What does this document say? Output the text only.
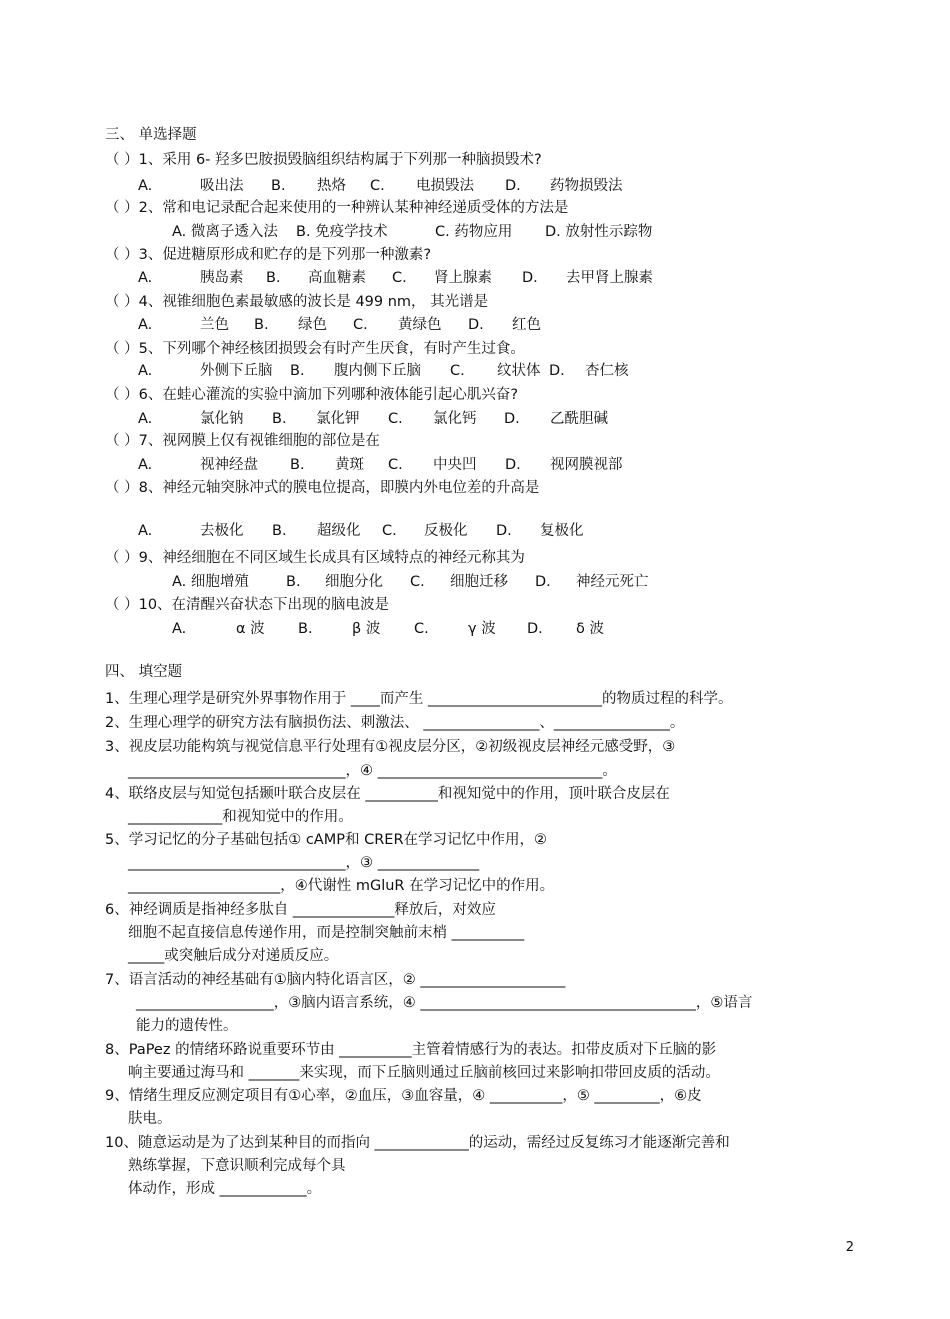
三、 单选择题
（ ）1、采用 6- 羟多巴胺损毁脑组织结构属于下列那一种脑损毁术?
A.	吸出法 B. 热烙 C. 电损毁法 D. 药物损毁法
（ ）2、常和电记录配合起来使用的一种辨认某种神经递质受体的方法是
A. 微离子透入法 B. 免疫学技术	C. 药物应用 D. 放射性示踪物
（ ）3、促进糖原形成和贮存的是下列那一种激素?
A.	胰岛素 B. 高血糖素 C. 肾上腺素 D. 去甲肾上腺素
（ ）4、视锥细胞色素最敏感的波长是 499 nm， 其光谱是
A.	兰色 B. 绿色 C. 黄绿色 D. 红色
（ ）5、下列哪个神经核团损毁会有时产生厌食，有时产生过食。
A.	外侧下丘脑 B. 腹内侧下丘脑 C. 纹状体 D. 杏仁核
（ ）6、在蛙心灌流的实验中滴加下列哪种液体能引起心肌兴奋?
A.	氯化钠 B. 氯化钾 C. 氯化钙 D. 乙酰胆碱
（ ）7、视网膜上仅有视锥细胞的部位是在
A.	视神经盘 B. 黄斑 C. 中央凹 D. 视网膜视部
（ ）8、神经元轴突脉冲式的膜电位提高，即膜内外电位差的升高是
A.	去极化 B. 超级化 C. 反极化 D. 复极化
（ ）9、神经细胞在不同区域生长成具有区域特点的神经元称其为
A. 细胞增殖	B. 细胞分化 C. 细胞迁移 D. 神经元死亡
（ ）10、在清醒兴奋状态下出现的脑电波是
A.	α 波 B.	β 波 C.	γ 波 D. δ 波
四、 填空题
1、生理心理学是研究外界事物作用于 ____而产生 ________________________的物质过程的科学。
2、生理心理学的研究方法有脑损伤法、刺激法、 ________________、________________。
3、视皮层功能构筑与视觉信息平行处理有①视皮层分区，②初级视皮层神经元感受野，③
______________________________，④ _______________________________。
4、联络皮层与知觉包括颞叶联合皮层在 __________和视知觉中的作用，顶叶联合皮层在
_____________和视知觉中的作用。
5、学习记忆的分子基础包括① cAMP和 CRER在学习记忆中作用，②
______________________________，③ ______________
_____________________，④代谢性 mGluR 在学习记忆中的作用。
6、神经调质是指神经多肽自 ______________释放后，对效应
细胞不起直接信息传递作用，而是控制突触前末梢 __________
_____或突触后成分对递质反应。
7、语言活动的神经基础有①脑内特化语言区，② ____________________
___________________，③脑内语言系统，④ ______________________________________，⑤语言
能力的遗传性。
8、PaPez 的情绪环路说重要环节由 __________主管着情感行为的表达。扣带皮质对下丘脑的影
响主要通过海马和 _______来实现，而下丘脑则通过丘脑前核回过来影响扣带回皮质的活动。
9、情绪生理反应测定项目有①心率，②血压，③血容量，④ __________，⑤ _________，⑥皮
肤电。
10、随意运动是为了达到某种目的而指向 _____________的运动，需经过反复练习才能逐渐完善和
熟练掌握，下意识顺利完成每个具
体动作，形成 ____________。
2
